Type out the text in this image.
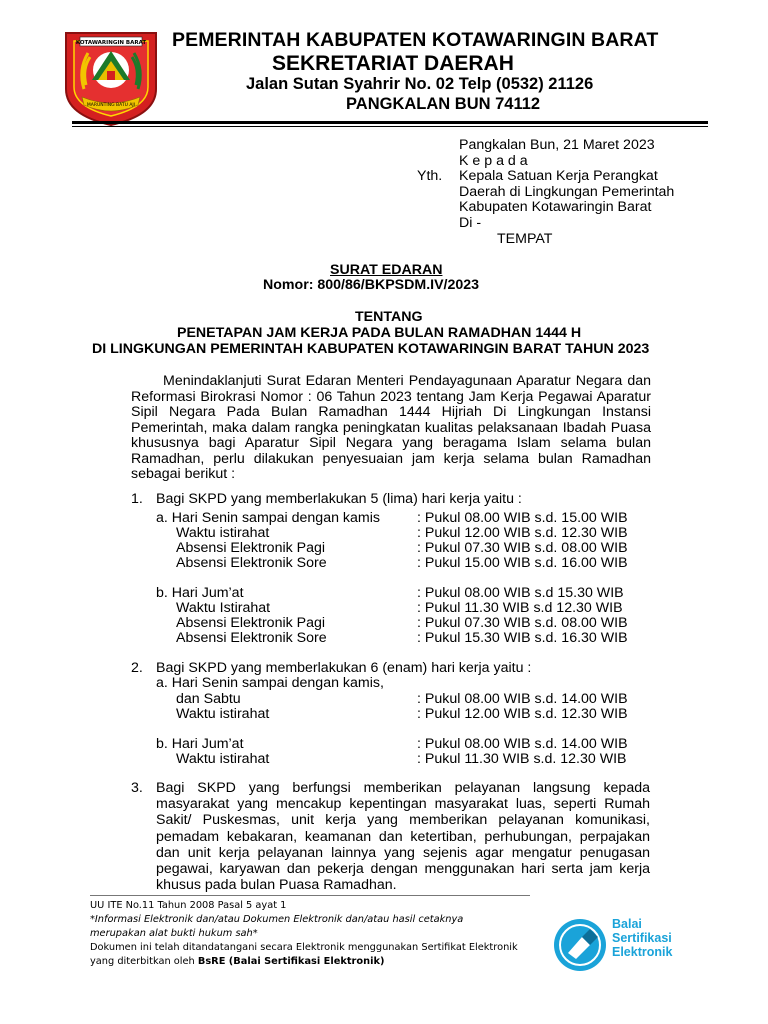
KOTAWARINGIN BARAT
MARUNTING BATU AJI
PEMERINTAH KABUPATEN KOTAWARINGIN BARAT
SEKRETARIAT DAERAH
Jalan Sutan Syahrir No. 02 Telp (0532) 21126
PANGKALAN BUN 74112
Pangkalan Bun, 21 Maret 2023
K e p a d a
Yth. Kepala Satuan Kerja Perangkat
Daerah di Lingkungan Pemerintah
Kabupaten Kotawaringin Barat
Di -
TEMPAT
SURAT EDARAN
Nomor: 800/86/BKPSDM.IV/2023
TENTANG
PENETAPAN JAM KERJA PADA BULAN RAMADHAN 1444 H
DI LINGKUNGAN PEMERINTAH KABUPATEN KOTAWARINGIN BARAT TAHUN 2023
Menindaklanjuti Surat Edaran Menteri Pendayagunaan Aparatur Negara dan Reformasi Birokrasi Nomor : 06 Tahun 2023 tentang Jam Kerja Pegawai Aparatur Sipil Negara Pada Bulan Ramadhan 1444 Hijriah Di Lingkungan Instansi Pemerintah, maka dalam rangka peningkatan kualitas pelaksanaan Ibadah Puasa khususnya bagi Aparatur Sipil Negara yang beragama Islam selama bulan Ramadhan, perlu dilakukan penyesuaian jam kerja selama bulan Ramadhan sebagai berikut :
1. Bagi SKPD yang memberlakukan 5 (lima) hari kerja yaitu :
a. Hari Senin sampai dengan kamis	: Pukul 08.00 WIB s.d. 15.00 WIB
Waktu istirahat	: Pukul 12.00 WIB s.d. 12.30 WIB
Absensi Elektronik Pagi	: Pukul 07.30 WIB s.d. 08.00 WIB
Absensi Elektronik Sore	: Pukul 15.00 WIB s.d. 16.00 WIB
b. Hari Jum’at	: Pukul 08.00 WIB s.d 15.30 WIB
Waktu Istirahat	: Pukul 11.30 WIB s.d 12.30 WIB
Absensi Elektronik Pagi	: Pukul 07.30 WIB s.d. 08.00 WIB
Absensi Elektronik Sore	: Pukul 15.30 WIB s.d. 16.30 WIB
2. Bagi SKPD yang memberlakukan 6 (enam) hari kerja yaitu :
a. Hari Senin sampai dengan kamis,
dan Sabtu	: Pukul 08.00 WIB s.d. 14.00 WIB
Waktu istirahat	: Pukul 12.00 WIB s.d. 12.30 WIB
b. Hari Jum’at	: Pukul 08.00 WIB s.d. 14.00 WIB
Waktu istirahat	: Pukul 11.30 WIB s.d. 12.30 WIB
3. Bagi SKPD yang berfungsi memberikan pelayanan langsung kepada masyarakat yang mencakup kepentingan masyarakat luas, seperti Rumah Sakit/ Puskesmas, unit kerja yang memberikan pelayanan komunikasi, pemadam kebakaran, keamanan dan ketertiban, perhubungan, perpajakan dan unit kerja pelayanan lainnya yang sejenis agar mengatur penugasan pegawai, karyawan dan pekerja dengan menggunakan hari serta jam kerja khusus pada bulan Puasa Ramadhan.
UU ITE No.11 Tahun 2008 Pasal 5 ayat 1
*Informasi Elektronik dan/atau Dokumen Elektronik dan/atau hasil cetaknya
merupakan alat bukti hukum sah*
Dokumen ini telah ditandatangani secara Elektronik menggunakan Sertifikat Elektronik
yang diterbitkan oleh BsRE (Balai Sertifikasi Elektronik)
Balai
Sertifikasi
Elektronik
